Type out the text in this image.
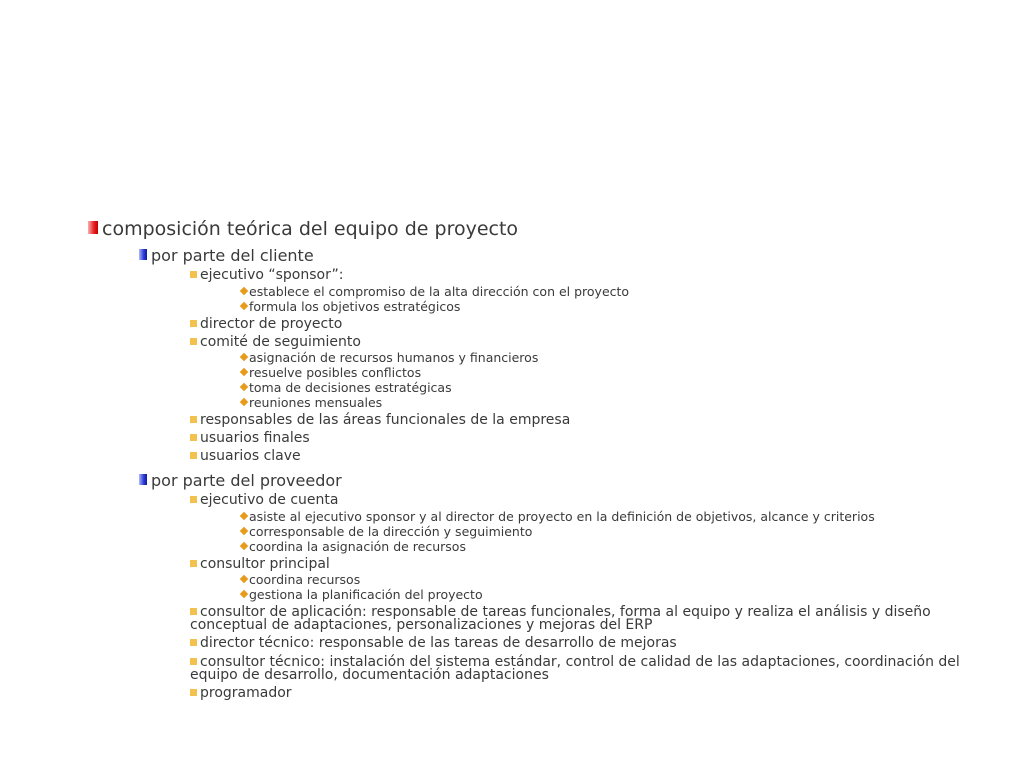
composición teórica del equipo de proyecto
por parte del cliente
ejecutivo “sponsor”:
establece el compromiso de la alta dirección con el proyecto
formula los objetivos estratégicos
director de proyecto
comité de seguimiento
asignación de recursos humanos y financieros
resuelve posibles conflictos
toma de decisiones estratégicas
reuniones mensuales
responsables de las áreas funcionales de la empresa
usuarios finales
usuarios clave
por parte del proveedor
ejecutivo de cuenta
asiste al ejecutivo sponsor y al director de proyecto en la definición de objetivos, alcance y criterios
corresponsable de la dirección y seguimiento
coordina la asignación de recursos
consultor principal
coordina recursos
gestiona la planificación del proyecto
consultor de aplicación: responsable de tareas funcionales, forma al equipo y realiza el análisis y diseño conceptual de adaptaciones, personalizaciones y mejoras del ERP
director técnico: responsable de las tareas de desarrollo de mejoras
consultor técnico: instalación del sistema estándar, control de calidad de las adaptaciones, coordinación del equipo de desarrollo, documentación adaptaciones
programador
